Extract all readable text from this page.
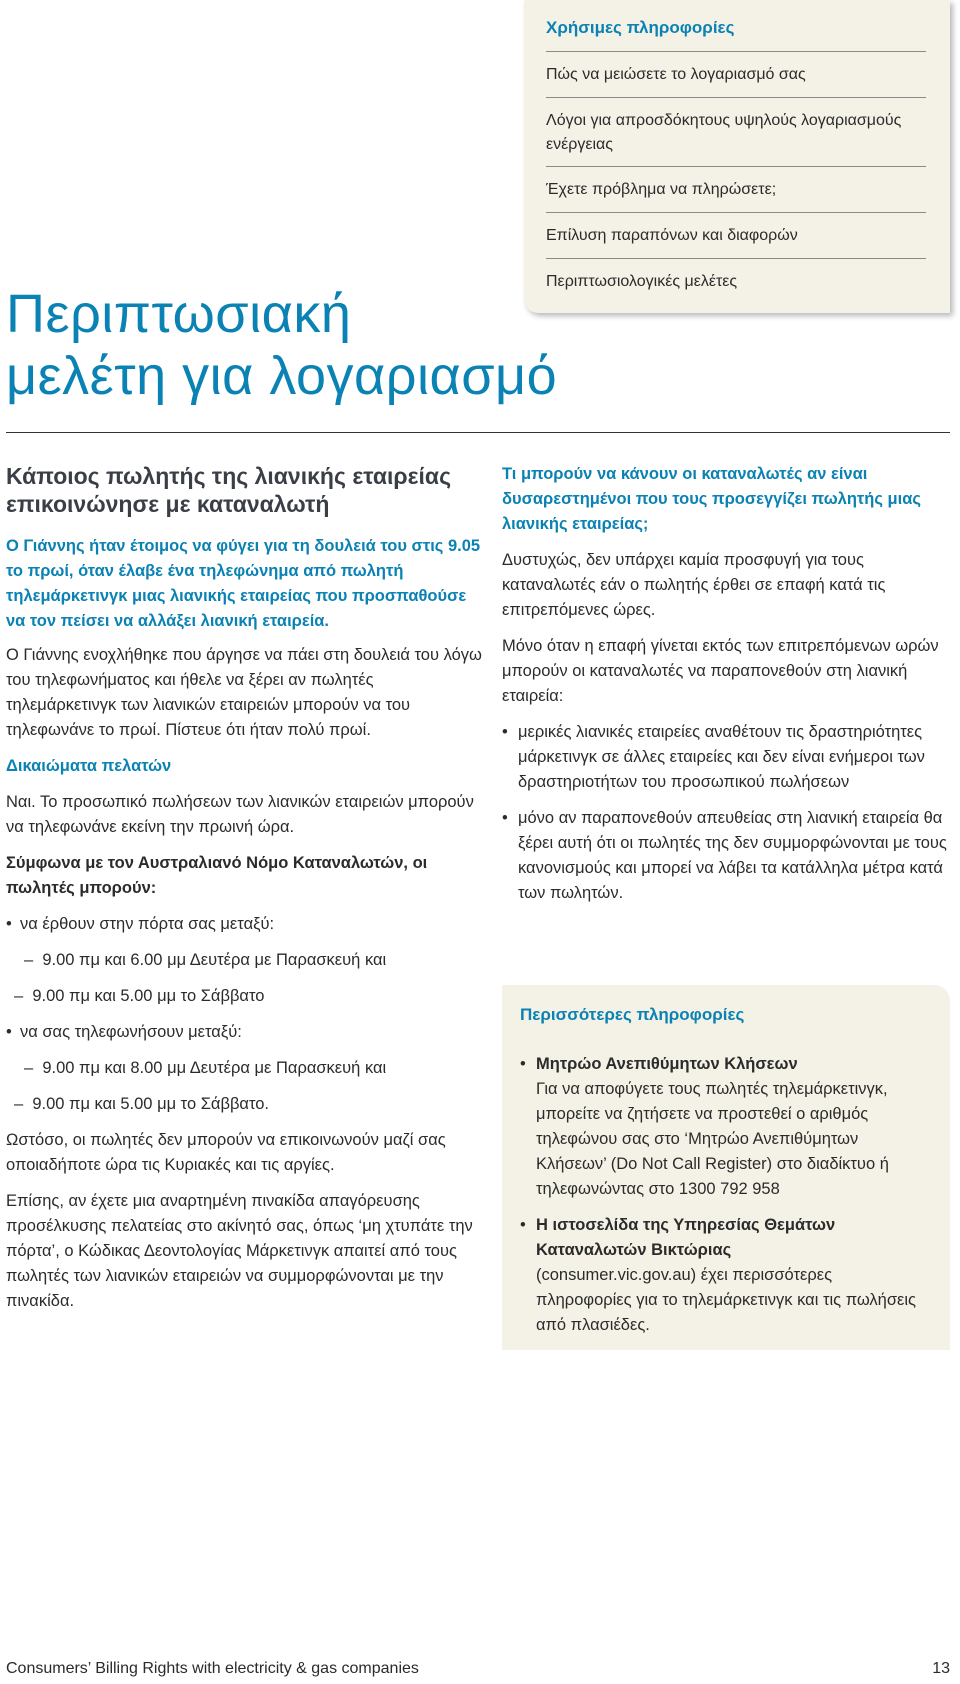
Χρήσιμες πληροφορίες
Πώς να μειώσετε το λογαριασμό σας
Λόγοι για απροσδόκητους υψηλούς λογαριασμούς ενέργειας
Έχετε πρόβλημα να πληρώσετε;
Επίλυση παραπόνων και διαφορών
Περιπτωσιολογικές μελέτες
Περιπτωσιακή
μελέτη για λογαριασμό

Κάποιος πωλητής της λιανικής εταιρείας επικοινώνησε με καταναλωτή

Ο Γιάννης ήταν έτοιμος να φύγει για τη δουλειά του στις 9.05 το πρωί, όταν έλαβε ένα τηλεφώνημα από πωλητή τηλεμάρκετινγκ μιας λιανικής εταιρείας που προσπαθούσε να τον πείσει να αλλάξει λιανική εταιρεία.

Ο Γιάννης ενοχλήθηκε που άργησε να πάει στη δουλειά του λόγω του τηλεφωνήματος και ήθελε να ξέρει αν πωλητές τηλεμάρκετινγκ των λιανικών εταιρειών μπορούν να του τηλεφωνάνε το πρωί. Πίστευε ότι ήταν πολύ πρωί.

Δικαιώματα πελατών

Ναι. Το προσωπικό πωλήσεων των λιανικών εταιρειών μπορούν να τηλεφωνάνε εκείνη την πρωινή ώρα.

Σύμφωνα με τον Αυστραλιανό Νόμο Καταναλωτών, οι πωλητές μπορούν:

• να έρθουν στην πόρτα σας μεταξύ:
–  9.00 πμ και 6.00 μμ Δευτέρα με Παρασκευή και
–  9.00 πμ και 5.00 μμ το Σάββατο
• να σας τηλεφωνήσουν μεταξύ:
–  9.00 πμ και 8.00 μμ Δευτέρα με Παρασκευή και
–  9.00 πμ και 5.00 μμ το Σάββατο.

Ωστόσο, οι πωλητές δεν μπορούν να επικοινωνούν μαζί σας οποιαδήποτε ώρα τις Κυριακές και τις αργίες.

Επίσης, αν έχετε μια αναρτημένη πινακίδα απαγόρευσης προσέλκυσης πελατείας στο ακίνητό σας, όπως ‘μη χτυπάτε την πόρτα’, ο Κώδικας Δεοντολογίας Μάρκετινγκ απαιτεί από τους πωλητές των λιανικών εταιρειών να συμμορφώνονται με την πινακίδα.

Τι μπορούν να κάνουν οι καταναλωτές αν είναι δυσαρεστημένοι που τους προσεγγίζει πωλητής μιας λιανικής εταιρείας;

Δυστυχώς, δεν υπάρχει καμία προσφυγή για τους καταναλωτές εάν ο πωλητής έρθει σε επαφή κατά τις επιτρεπόμενες ώρες.

Μόνο όταν η επαφή γίνεται εκτός των επιτρεπόμενων ωρών μπορούν οι καταναλωτές να παραπονεθούν στη λιανική εταιρεία:

• μερικές λιανικές εταιρείες αναθέτουν τις δραστηριότητες μάρκετινγκ σε άλλες εταιρείες και δεν είναι ενήμεροι των δραστηριοτήτων του προσωπικού πωλήσεων
• μόνο αν παραπονεθούν απευθείας στη λιανική εταιρεία θα ξέρει αυτή ότι οι πωλητές της δεν συμμορφώνονται με τους κανονισμούς και μπορεί να λάβει τα κατάλληλα μέτρα κατά των πωλητών.
Περισσότερες πληροφορίες
• Μητρώο Ανεπιθύμητων Κλήσεων
Για να αποφύγετε τους πωλητές τηλεμάρκετινγκ, μπορείτε να ζητήσετε να προστεθεί ο αριθμός τηλεφώνου σας στο ‘Μητρώο Ανεπιθύμητων Κλήσεων’ (Do Not Call Register) στο διαδίκτυο ή τηλεφωνώντας στο 1300 792 958
• Η ιστοσελίδα της Υπηρεσίας Θεμάτων Καταναλωτών Βικτώριας
(consumer.vic.gov.au) έχει περισσότερες πληροφορίες για το τηλεμάρκετινγκ και τις πωλήσεις από πλασιέδες.
Consumers’ Billing Rights with electricity & gas companies	13
